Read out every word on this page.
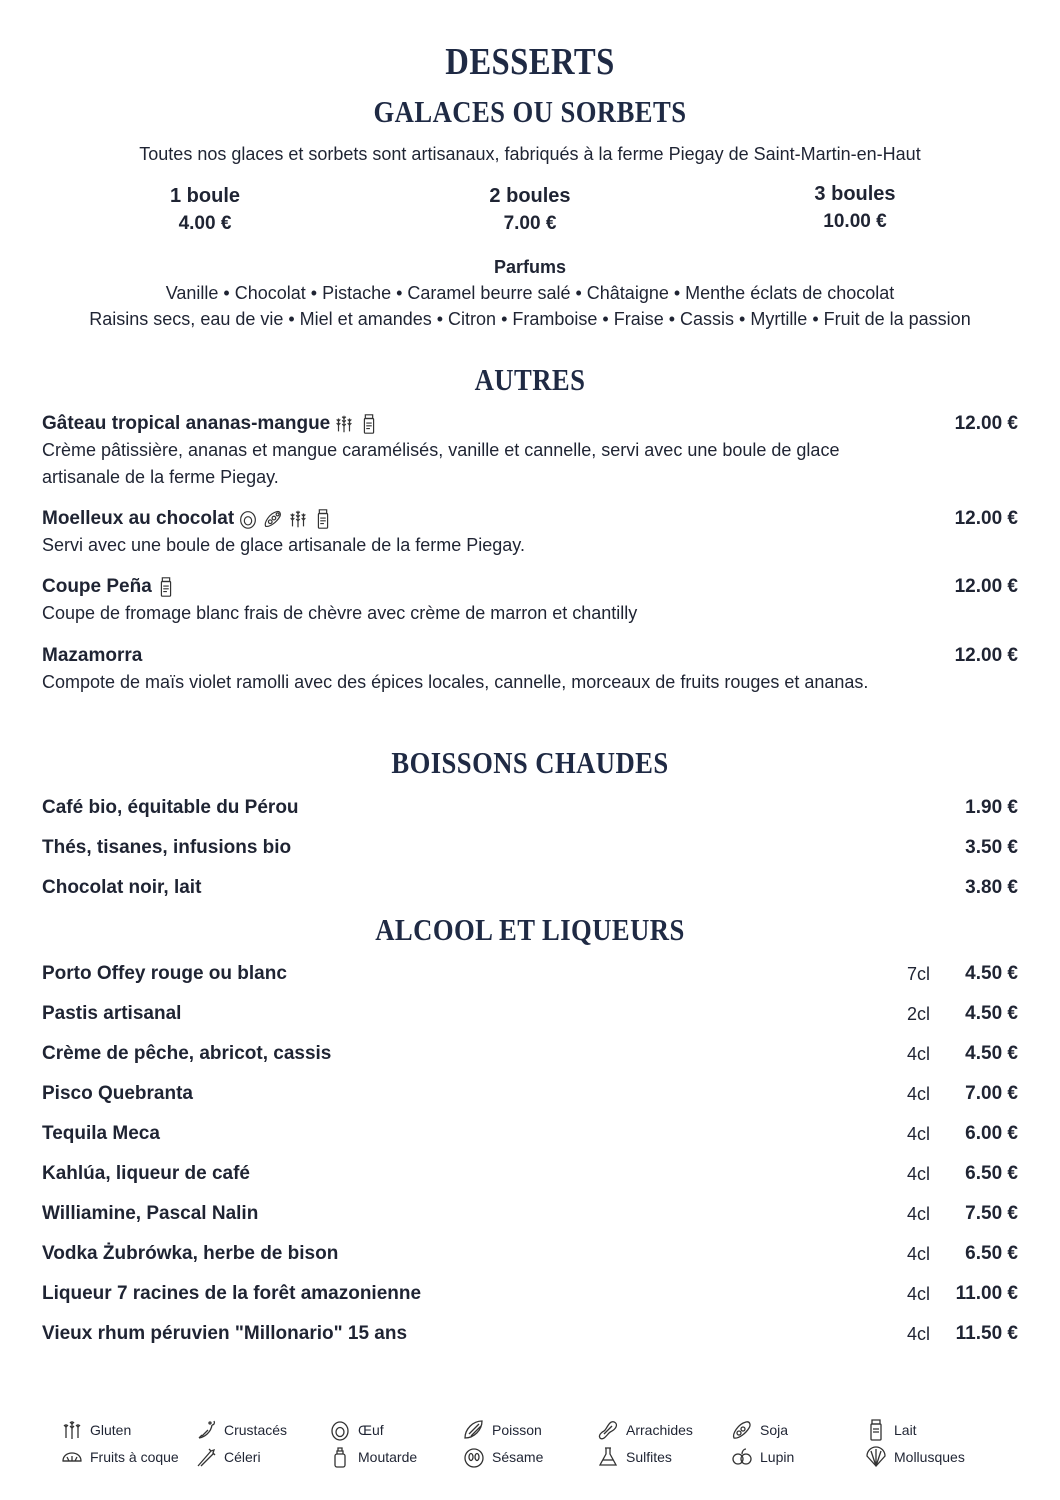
DESSERTS
GALACES OU SORBETS
Toutes nos glaces et sorbets sont artisanaux, fabriqués à la ferme Piegay de Saint-Martin-en-Haut
1 boule
4.00 €
2 boules
7.00 €
3 boules
10.00 €
Parfums
Vanille • Chocolat • Pistache • Caramel beurre salé • Châtaigne • Menthe éclats de chocolat
Raisins secs, eau de vie • Miel et amandes • Citron • Framboise • Fraise • Cassis • Myrtille • Fruit de la passion
AUTRES
Gâteau tropical ananas-mangue
Crème pâtissière, ananas et mangue caramélisés, vanille et cannelle, servi avec une boule de glace artisanale de la ferme Piegay.
12.00 €
Moelleux au chocolat
Servi avec une boule de glace artisanale de la ferme Piegay.
12.00 €
Coupe Peña
Coupe de fromage blanc frais de chèvre avec crème de marron et chantilly
12.00 €
Mazamorra
Compote de maïs violet ramolli avec des épices locales, cannelle, morceaux de fruits rouges et ananas.
12.00 €
BOISSONS CHAUDES
Café bio, équitable du Pérou	1.90 €
Thés, tisanes, infusions bio	3.50 €
Chocolat noir, lait	3.80 €
ALCOOL ET LIQUEURS
Porto Offey rouge ou blanc	7cl 4.50 €
Pastis artisanal	2cl 4.50 €
Crème de pêche, abricot, cassis	4cl 4.50 €
Pisco Quebranta	4cl 7.00 €
Tequila Meca	4cl 6.00 €
Kahlúa, liqueur de café	4cl 6.50 €
Williamine, Pascal Nalin	4cl 7.50 €
Vodka Żubrówka, herbe de bison	4cl 6.50 €
Liqueur 7 racines de la forêt amazonienne	4cl 11.00 €
Vieux rhum péruvien "Millonario" 15 ans	4cl 11.50 €
Gluten	Crustacés	Œuf	Poisson	Arrachides	Soja	Lait
Fruits à coque	Céleri	Moutarde	Sésame	Sulfites	Lupin	Mollusques
